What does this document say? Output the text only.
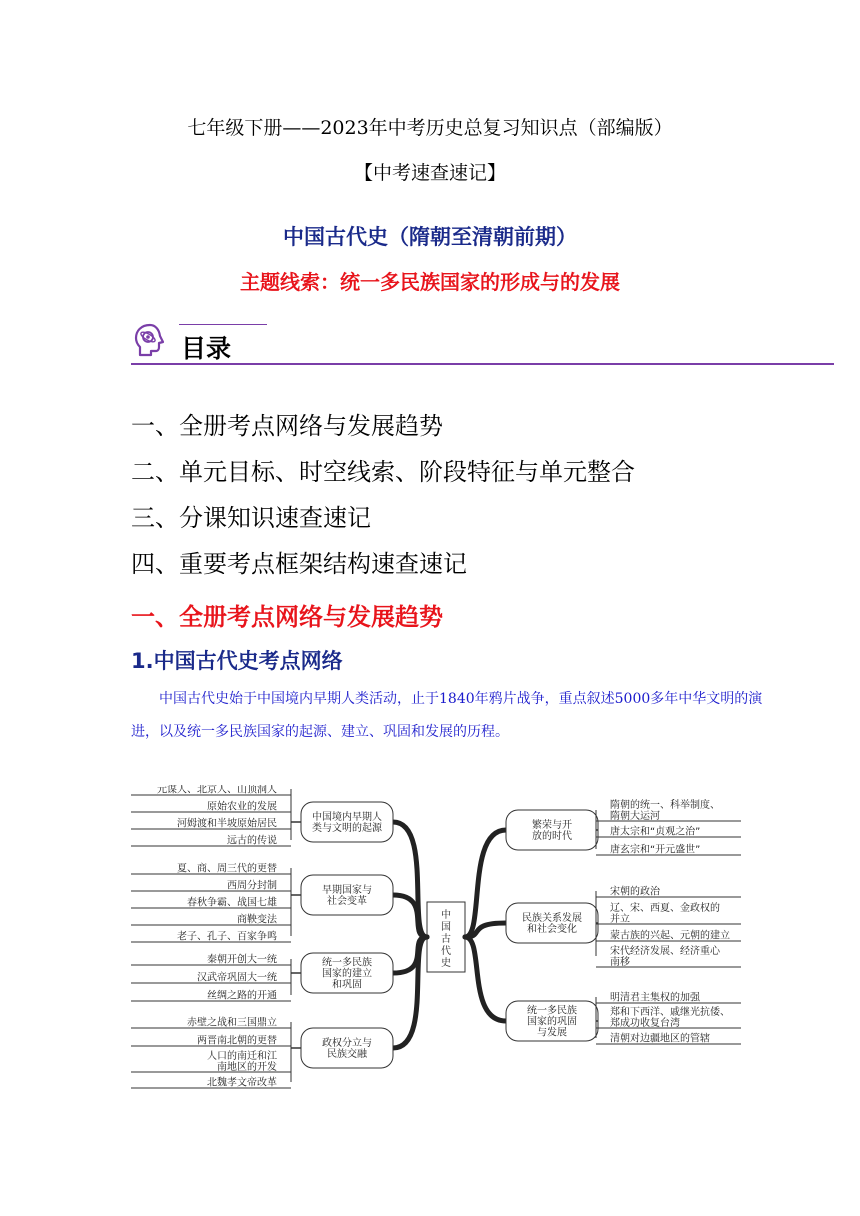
七年级下册——2023年中考历史总复习知识点（部编版）
【中考速查速记】
中国古代史（隋朝至清朝前期）
主题线索：统一多民族国家的形成与的发展
目录
一、全册考点网络与发展趋势
二、单元目标、时空线索、阶段特征与单元整合
三、分课知识速查速记
四、重要考点框架结构速查速记
一、全册考点网络与发展趋势
1.中国古代史考点网络
中国古代史始于中国境内早期人类活动，止于1840年鸦片战争，重点叙述5000多年中华文明的演进，以及统一多民族国家的起源、建立、巩固和发展的历程。
中国古代史
中国境内早期人类与文明的起源
元谋人、北京人、山顶洞人
原始农业的发展
河姆渡和半坡原始居民
远古的传说
早期国家与社会变革
夏、商、周三代的更替
西周分封制
春秋争霸、战国七雄
商鞅变法
老子、孔子、百家争鸣
统一多民族国家的建立和巩固
秦朝开创大一统
汉武帝巩固大一统
丝绸之路的开通
政权分立与民族交融
赤壁之战和三国鼎立
两晋南北朝的更替
人口的南迁和江南地区的开发
北魏孝文帝改革
繁荣与开放的时代
隋朝的统一、科举制度、隋朝大运河
唐太宗和“贞观之治”
唐玄宗和“开元盛世”
民族关系发展和社会变化
宋朝的政治
辽、宋、西夏、金政权的并立
蒙古族的兴起、元朝的建立
宋代经济发展、经济重心南移
统一多民族国家的巩固与发展
明清君主集权的加强
郑和下西洋、戚继光抗倭、郑成功收复台湾
清朝对边疆地区的管辖
